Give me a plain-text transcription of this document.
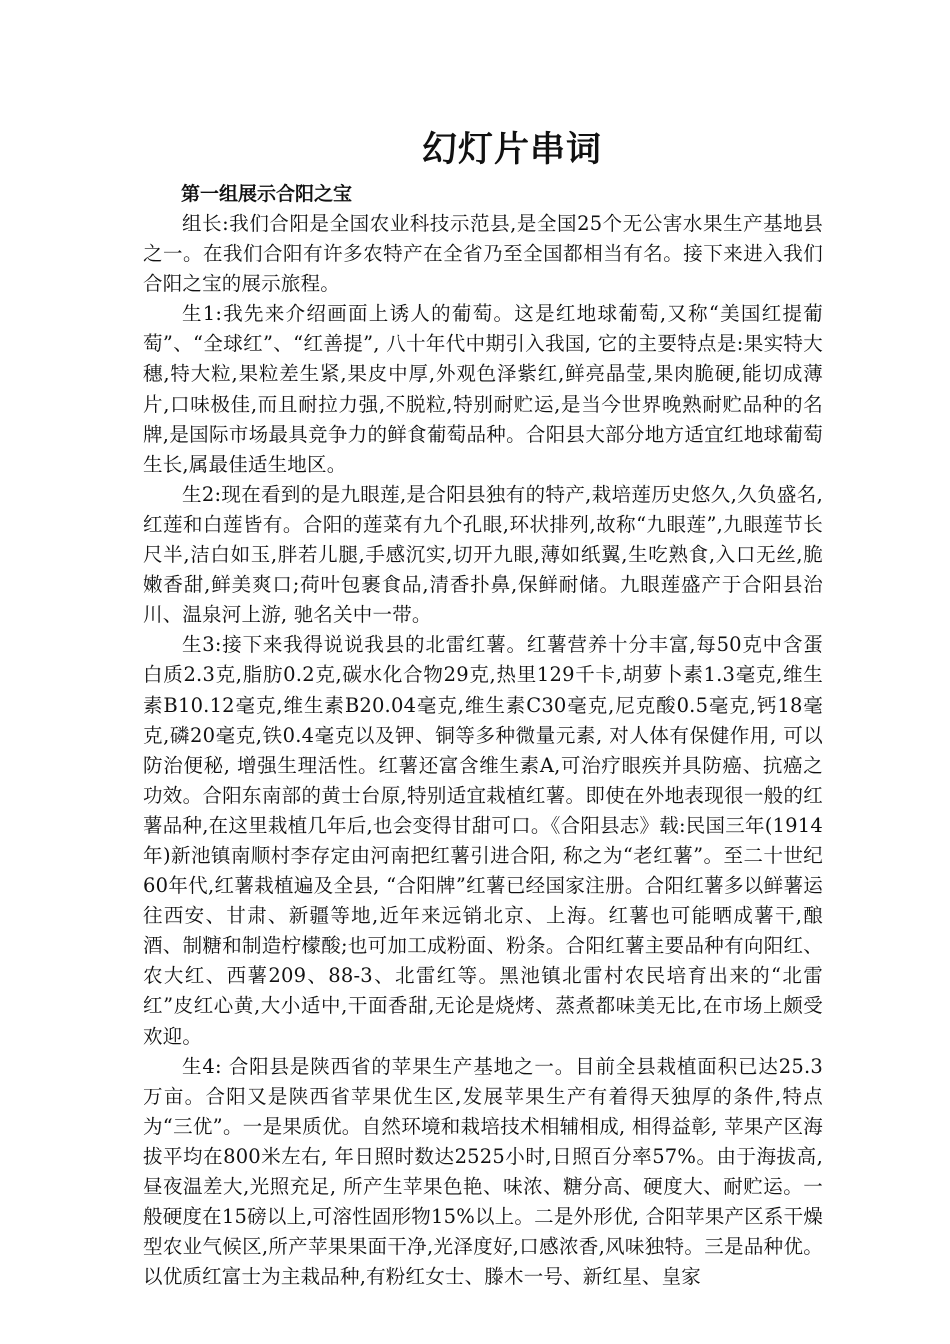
幻灯片串词

第一组展示合阳之宝

组长:我们合阳是全国农业科技示范县,是全国25个无公害水果生产基地县之一。在我们合阳有许多农特产在全省乃至全国都相当有名。接下来进入我们合阳之宝的展示旅程。

生1:我先来介绍画面上诱人的葡萄。这是红地球葡萄,又称“美国红提葡萄”、“全球红”、“红善提”, 八十年代中期引入我国, 它的主要特点是:果实特大穗,特大粒,果粒差生紧,果皮中厚,外观色泽紫红,鲜亮晶莹,果肉脆硬,能切成薄片,口味极佳,而且耐拉力强,不脱粒,特别耐贮运,是当今世界晚熟耐贮品种的名牌,是国际市场最具竞争力的鲜食葡萄品种。合阳县大部分地方适宜红地球葡萄生长,属最佳适生地区。

生2:现在看到的是九眼莲,是合阳县独有的特产,栽培莲历史悠久,久负盛名,红莲和白莲皆有。合阳的莲菜有九个孔眼,环状排列,故称“九眼莲”,九眼莲节长尺半,洁白如玉,胖若儿腿,手感沉实,切开九眼,薄如纸翼,生吃熟食,入口无丝,脆嫩香甜,鲜美爽口;荷叶包裹食品,清香扑鼻,保鲜耐储。九眼莲盛产于合阳县治川、温泉河上游, 驰名关中一带。

生3:接下来我得说说我县的北雷红薯。红薯营养十分丰富,每50克中含蛋白质2.3克,脂肪0.2克,碳水化合物29克,热里129千卡,胡萝卜素1.3毫克,维生素B10.12毫克,维生素B20.04毫克,维生素C30毫克,尼克酸0.5毫克,钙18毫克,磷20毫克,铁0.4毫克以及钾、铜等多种微量元素, 对人体有保健作用, 可以防治便秘, 增强生理活性。红薯还富含维生素A,可治疗眼疾并具防癌、抗癌之功效。合阳东南部的黄士台原,特别适宜栽植红薯。即使在外地表现很一般的红薯品种,在这里栽植几年后,也会变得甘甜可口。《合阳县志》载:民国三年(1914年)新池镇南顺村李存定由河南把红薯引进合阳, 称之为“老红薯”。至二十世纪60年代,红薯栽植遍及全县, “合阳牌”红薯已经国家注册。合阳红薯多以鲜薯运往西安、甘肃、新疆等地,近年来远销北京、上海。红薯也可能晒成薯干,酿酒、制糖和制造柠檬酸;也可加工成粉面、粉条。合阳红薯主要品种有向阳红、农大红、西薯209、88-3、北雷红等。黑池镇北雷村农民培育出来的“北雷红”皮红心黄,大小适中,干面香甜,无论是烧烤、蒸煮都味美无比,在市场上颇受欢迎。

生4: 合阳县是陕西省的苹果生产基地之一。目前全县栽植面积已达25.3万亩。合阳又是陕西省苹果优生区,发展苹果生产有着得天独厚的条件,特点为“三优”。一是果质优。自然环境和栽培技术相辅相成, 相得益彰, 苹果产区海拔平均在800米左右, 年日照时数达2525小时,日照百分率57%。由于海拔高,昼夜温差大,光照充足, 所产生苹果色艳、味浓、糖分高、硬度大、耐贮运。一般硬度在15磅以上,可溶性固形物15%以上。二是外形优, 合阳苹果产区系干燥型农业气候区,所产苹果果面干净,光泽度好,口感浓香,风味独特。三是品种优。以优质红富士为主栽品种,有粉红女士、滕木一号、新红星、皇家
